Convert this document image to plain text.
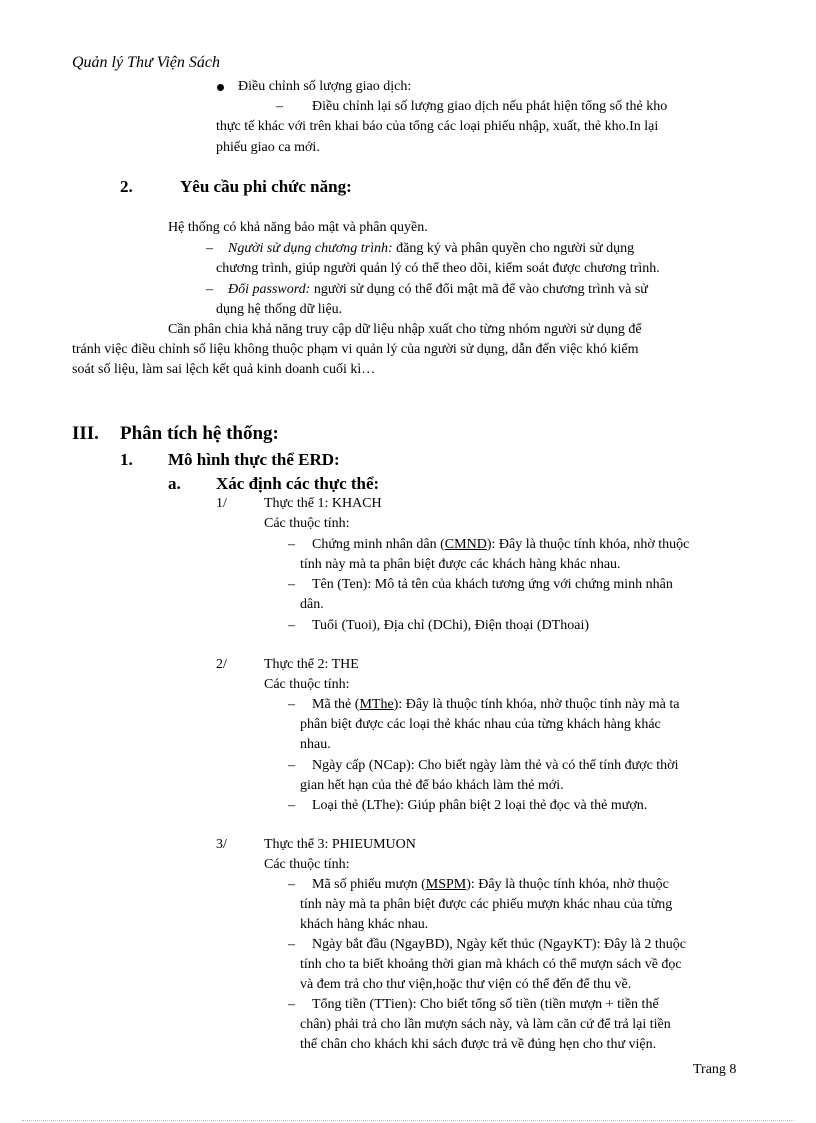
Quản lý Thư Viện Sách
Điều chỉnh số lượng giao dịch:
– Điều chỉnh lại số lượng giao dịch nếu phát hiện tổng số thẻ kho
thực tế khác với trên khai báo của tổng các loại phiếu nhập, xuất, thẻ kho.In lại
phiếu giao ca mới.
2.	Yêu cầu phi chức năng:
Hệ thống có khả năng bảo mật và phân quyền.
– Người sử dụng chương trình: đăng ký và phân quyền cho người sử dụng
chương trình, giúp người quản lý có thể theo dõi, kiểm soát được chương trình.
– Đổi password: người sử dụng có thể đổi mật mã để vào chương trình và sử
dụng hệ thống dữ liệu.
Cần phân chia khả năng truy cập dữ liệu nhập xuất cho từng nhóm người sử dụng để
tránh việc điều chỉnh số liệu không thuộc phạm vi quản lý của người sử dụng, dẫn đến việc khó kiểm
soát số liệu, làm sai lệch kết quả kinh doanh cuối kì…
III. Phân tích hệ thống:
1. Mô hình thực thể ERD:
a. Xác định các thực thể:
1/	Thực thể 1: KHACH
Các thuộc tính:
– Chứng minh nhân dân (CMND): Đây là thuộc tính khóa, nhờ thuộc
tính này mà ta phân biệt được các khách hàng khác nhau.
– Tên (Ten): Mô tả tên của khách tương ứng với chứng minh nhân
dân.
– Tuổi (Tuoi), Địa chỉ (DChi), Điện thoại (DThoai)
2/	Thực thể 2: THE
Các thuộc tính:
– Mã thẻ (MThe): Đây là thuộc tính khóa, nhờ thuộc tính này mà ta
phân biệt được các loại thẻ khác nhau của từng khách hàng khác
nhau.
– Ngày cấp (NCap): Cho biết ngày làm thẻ và có thể tính được thời
gian hết hạn của thẻ để báo khách làm thẻ mới.
– Loại thẻ (LThe): Giúp phân biệt 2 loại thẻ đọc và thẻ mượn.
3/	Thực thể 3: PHIEUMUON
Các thuộc tính:
– Mã số phiếu mượn (MSPM): Đây là thuộc tính khóa, nhờ thuộc
tính này mà ta phân biệt được các phiếu mượn khác nhau của từng
khách hàng khác nhau.
– Ngày bắt đầu (NgayBD), Ngày kết thúc (NgayKT): Đây là 2 thuộc
tính cho ta biết khoảng thời gian mà khách có thể mượn sách về đọc
và đem trả cho thư viện,hoặc thư viện có thể đến để thu về.
– Tổng tiền (TTien): Cho biết tổng số tiền (tiền mượn + tiền thế
chân) phải trả cho lần mượn sách này, và làm căn cứ để trả lại tiền
thế chân cho khách khi sách được trả về đúng hẹn cho thư viện.
Trang 8
